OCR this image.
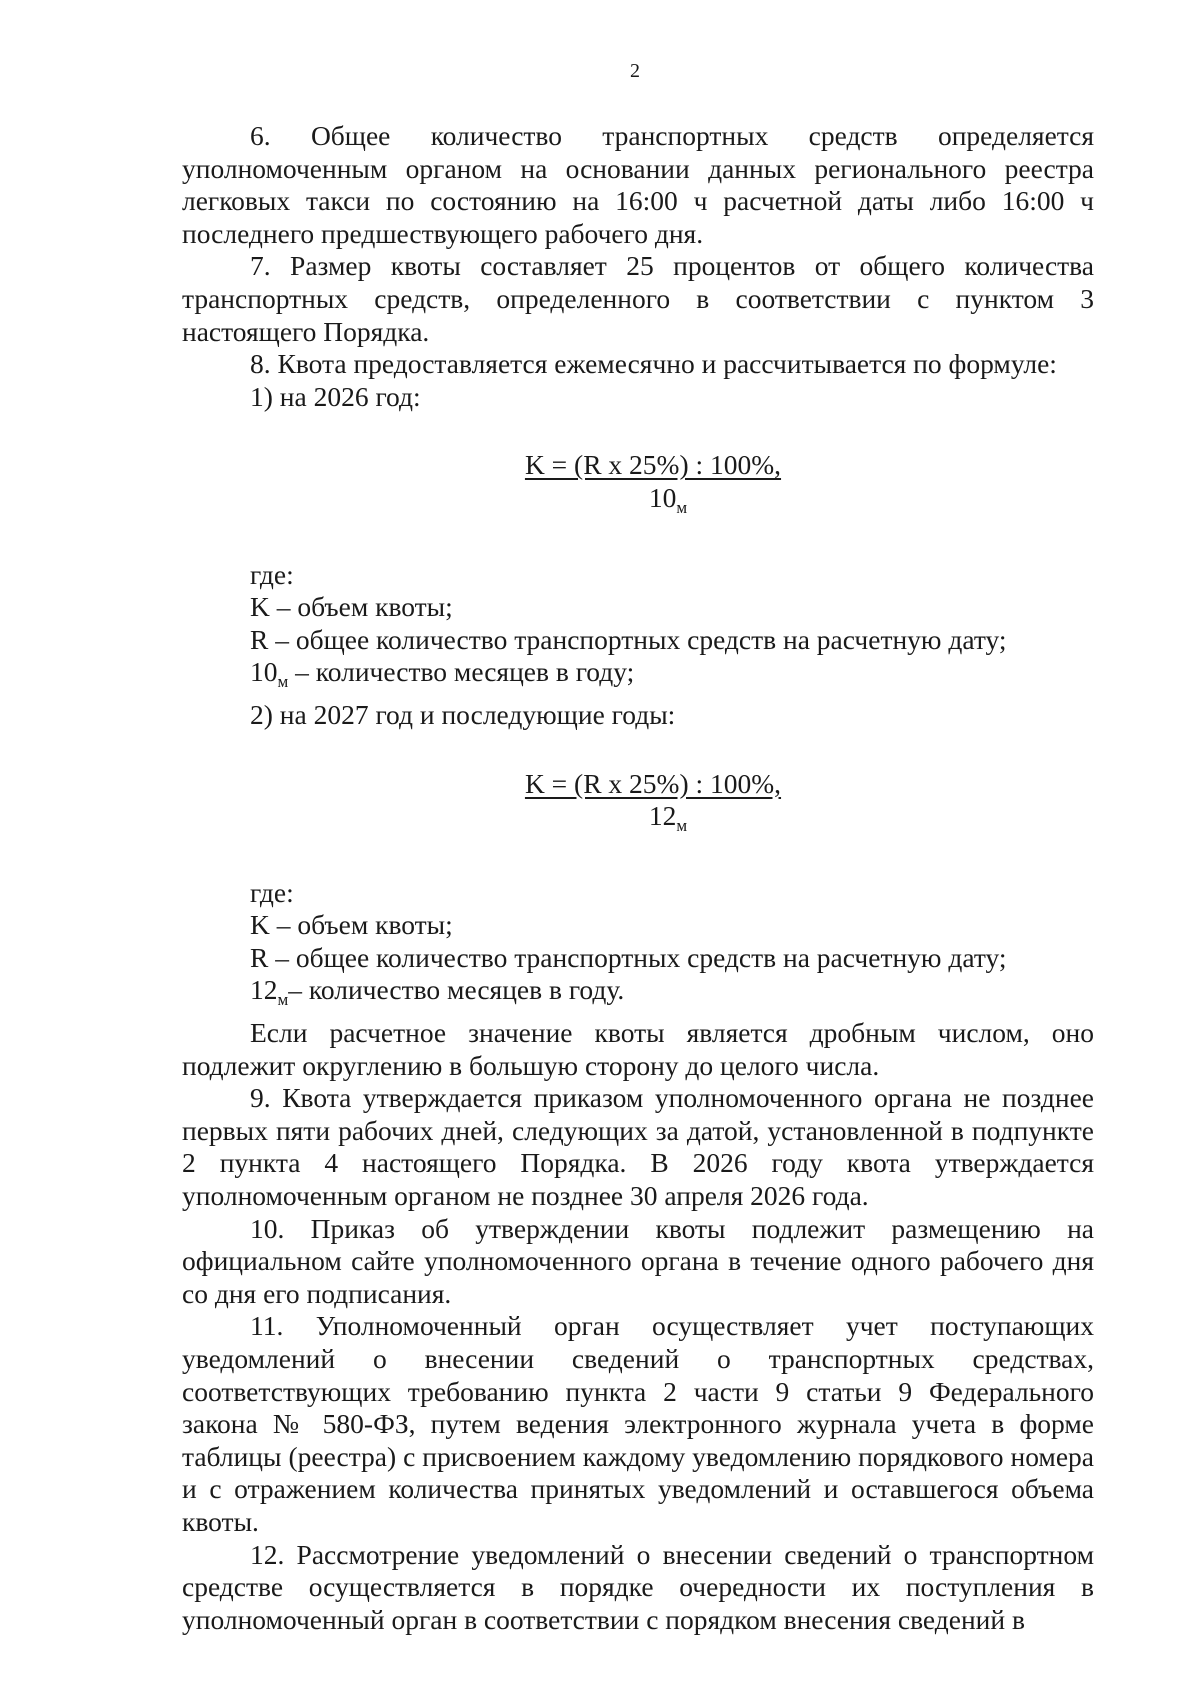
2

6. Общее количество транспортных средств определяется уполномоченным органом на основании данных регионального реестра легковых такси по состоянию на 16:00 ч расчетной даты либо 16:00 ч последнего предшествующего рабочего дня.

7. Размер квоты составляет 25 процентов от общего количества транспортных средств, определенного в соответствии с пунктом 3 настоящего Порядка.

8. Квота предоставляется ежемесячно и рассчитывается по формуле:

1) на 2026 год:

K = (R x 25%) : 100%,
$10_м$

где:

K – объем квоты;

R – общее количество транспортных средств на расчетную дату;

$10_м$ – количество месяцев в году;

2) на 2027 год и последующие годы:

K = (R x 25%) : 100%,
$12_м$

где:

K – объем квоты;

R – общее количество транспортных средств на расчетную дату;

$12_м-$ количество месяцев в году.

Если расчетное значение квоты является дробным числом, оно подлежит округлению в большую сторону до целого числа.

9. Квота утверждается приказом уполномоченного органа не позднее первых пяти рабочих дней, следующих за датой, установленной в подпункте 2 пункта 4 настоящего Порядка. В 2026 году квота утверждается уполномоченным органом не позднее 30 апреля 2026 года.

10. Приказ об утверждении квоты подлежит размещению на официальном сайте уполномоченного органа в течение одного рабочего дня со дня его подписания.

11. Уполномоченный орган осуществляет учет поступающих уведомлений о внесении сведений о транспортных средствах, соответствующих требованию пункта 2 части 9 статьи 9 Федерального закона № 580-ФЗ, путем ведения электронного журнала учета в форме таблицы (реестра) с присвоением каждому уведомлению порядкового номера и с отражением количества принятых уведомлений и оставшегося объема квоты.

12. Рассмотрение уведомлений о внесении сведений о транспортном средстве осуществляется в порядке очередности их поступления в уполномоченный орган в соответствии с порядком внесения сведений в
